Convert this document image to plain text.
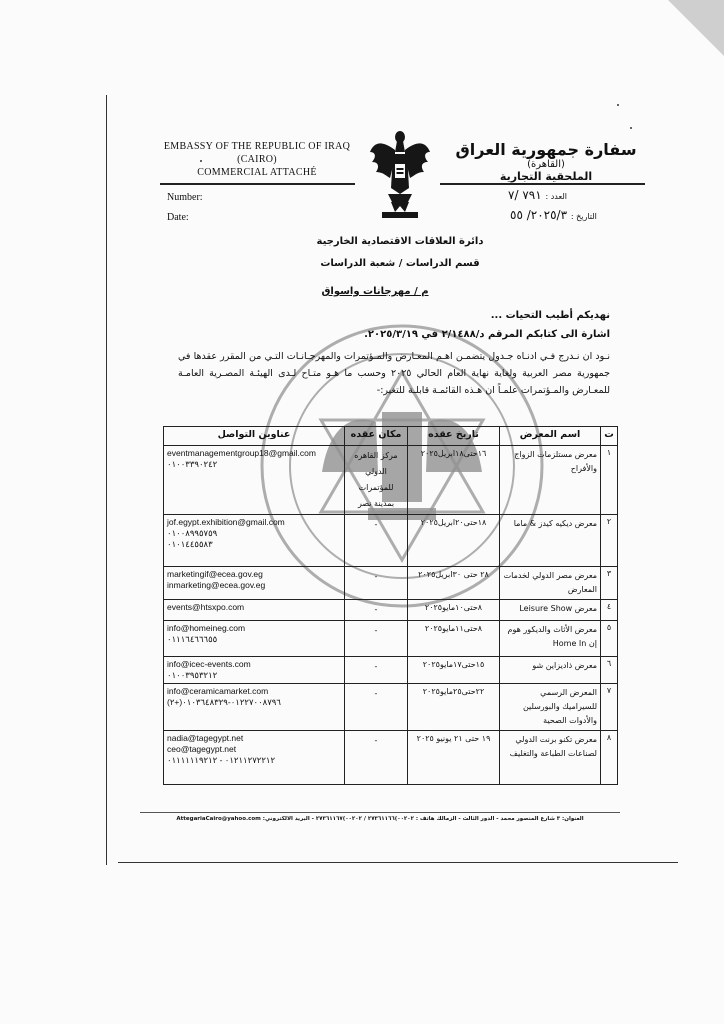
EMBASSY OF THE REPUBLIC OF IRAQ
(CAIRO)
COMMERCIAL ATTACHÉ
سفارة جمهورية العراق
(القاهرة)
الملحقية التجارية
Number:
Date:
العدد : ٧٩١ /٧
التاريخ : ٢٠٢٥/٣/ ٥٥
دائرة العلاقات الاقتصادية الخارجية
قسم الدراسات / شعبة الدراسات
م / مهرجانات واسواق
نهديكم أطيب التحيات ...
اشارة الى كتابكم المرقم د/٢/١٤٨٨ في ٢٠٢٥/٣/١٩.
نـود ان نـدرج فـي ادنـاه جـدول يتضمـن اهـم المعـارض والمـؤتمرات والمهرجـانـات التـي من المقرر عقدها في جمهورية مصر العربية ولغاية نهاية العام الحالي ٢٠٢٥ وحسب ما هـو متـاح لـدى الهيئـة المصـرية العامـة للمعـارض والمـؤتمرات علمـاً ان هـذه القائمـة قابلـة للتغير:-
ت	اسم المعرض	تاريخ عقده	مكان عقده	عناوين التواصل
١	معرض مستلزمات الزواج والأفراح	١٦حتى١٨ابريل٢٠٢٥	مركز القاهره الدولي للمؤتمرات بمدينة نصر	eventmanagementgroup18@gmail.com
٠١٠٠٣٣٩٠٢٤٢

٢	معرض ديكيه كيدز & ماما	١٨حتى٢٠ابريل٢٠٢٥	-	jof.egypt.exhibition@gmail.com
٠١٠٠٨٩٩٥٧٥٩
٠١٠١٤٤٥٥٨٣

٣	معرض مصر الدولي لخدمات المعارض	٢٨ حتى ٣٠ابريل٢٠٢٥	-	marketingif@ecea.gov.eg
inmarketing@ecea.gov.eg

٤	معرض Leisure Show	٨حتى١٠مايو٢٠٢٥	-	events@htsxpo.com

٥	معرض الأثاث والديكور هوم إن Home In	٨حتى١١مايو٢٠٢٥	-	info@homeineg.com
٠١١١٦٤٦٦٦٥٥

٦	معرض ذاديزاين شو	١٥حتى١٧مايو٢٠٢٥	-	info@icec-events.com
٠١٠٠٣٩٥٣٢١٢

٧	المعرض الرسمي للسيراميك والبورسلين والأدوات الصحية	٢٢حتى٢٥مايو٢٠٢٥	-	info@ceramicamarket.com
(٢+)٠١٢٢٧٠٠٨٧٩٦-٠١٠٣٦٤٨٣٢٩

٨	معرض تكنو برنت الدولي لصناعات الطباعة والتغليف	١٩ حتى ٢١ يونيو ٢٠٢٥	-	nadia@tagegypt.net
ceo@tagegypt.net
٠١٢١١٢٧٢٢١٢ - ٠١١١١١١٩٢١٢
العنوان: ٣ شارع المنصور محمد - الدور الثالث - الزمالك هاتف : ٠٠٢٠٢)٢٧٣٦١١٦٦ / ٠٠٢٠٢)٢٧٣٦١١٦٧ - البريد الالكتروني: AttegariaCairo@yahoo.com
